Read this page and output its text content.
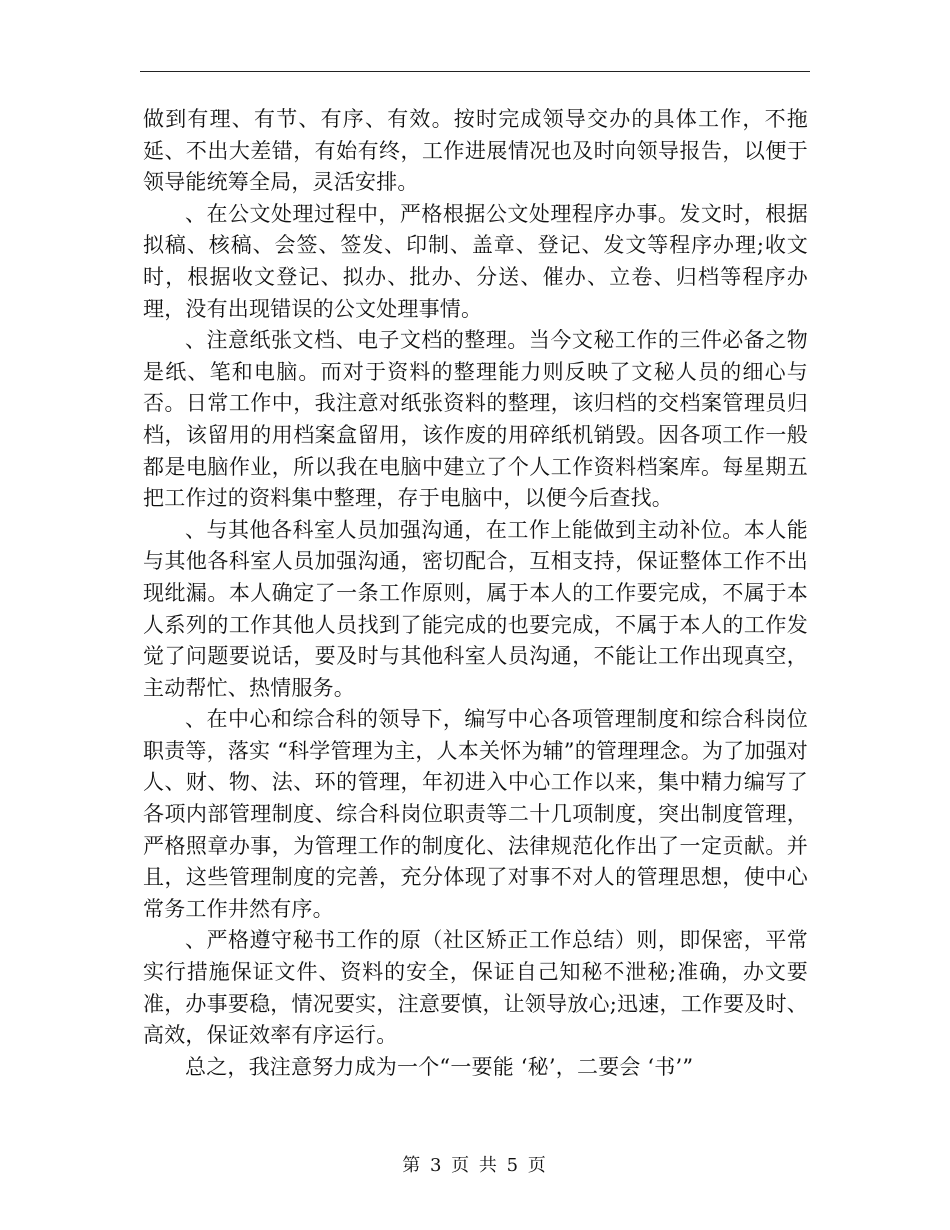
做到有理、有节、有序、有效。按时完成领导交办的具体工作，不拖延、不出大差错，有始有终，工作进展情况也及时向领导报告，以便于领导能统筹全局，灵活安排。

、在公文处理过程中，严格根据公文处理程序办事。发文时，根据拟稿、核稿、会签、签发、印制、盖章、登记、发文等程序办理;收文时，根据收文登记、拟办、批办、分送、催办、立卷、归档等程序办理，没有出现错误的公文处理事情。

、注意纸张文档、电子文档的整理。当今文秘工作的三件必备之物是纸、笔和电脑。而对于资料的整理能力则反映了文秘人员的细心与否。日常工作中，我注意对纸张资料的整理，该归档的交档案管理员归档，该留用的用档案盒留用，该作废的用碎纸机销毁。因各项工作一般都是电脑作业，所以我在电脑中建立了个人工作资料档案库。每星期五把工作过的资料集中整理，存于电脑中，以便今后查找。

、与其他各科室人员加强沟通，在工作上能做到主动补位。本人能与其他各科室人员加强沟通，密切配合，互相支持，保证整体工作不出现纰漏。本人确定了一条工作原则，属于本人的工作要完成，不属于本人系列的工作其他人员找到了能完成的也要完成，不属于本人的工作发觉了问题要说话，要及时与其他科室人员沟通，不能让工作出现真空，主动帮忙、热情服务。

、在中心和综合科的领导下，编写中心各项管理制度和综合科岗位职责等，落实 “科学管理为主，人本关怀为辅”的管理理念。为了加强对人、财、物、法、环的管理，年初进入中心工作以来，集中精力编写了各项内部管理制度、综合科岗位职责等二十几项制度，突出制度管理，严格照章办事，为管理工作的制度化、法律规范化作出了一定贡献。并且，这些管理制度的完善，充分体现了对事不对人的管理思想，使中心常务工作井然有序。

、严格遵守秘书工作的原（社区矫正工作总结）则，即保密，平常实行措施保证文件、资料的安全，保证自己知秘不泄秘;准确，办文要准，办事要稳，情况要实，注意要慎，让领导放心;迅速，工作要及时、高效，保证效率有序运行。

总之，我注意努力成为一个“一要能 ‘秘’，二要会 ‘书’”

第 3 页 共 5 页
